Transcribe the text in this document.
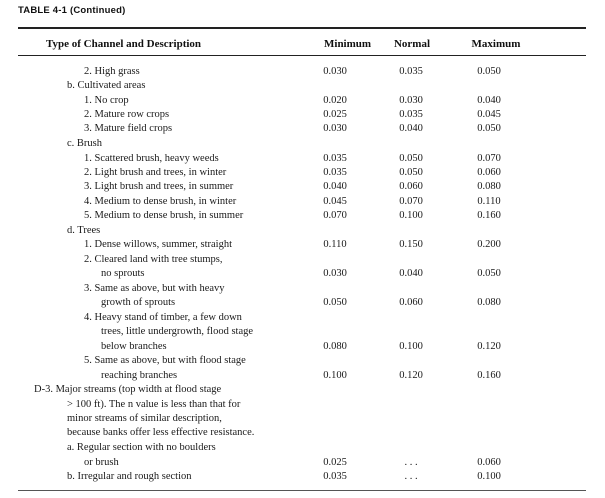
TABLE 4-1 (Continued)
Type of Channel and Description	Minimum	Normal	Maximum
2. High grass	0.030	0.035	0.050
b. Cultivated areas
1. No crop	0.020	0.030	0.040
2. Mature row crops	0.025	0.035	0.045
3. Mature field crops	0.030	0.040	0.050
c. Brush
1. Scattered brush, heavy weeds	0.035	0.050	0.070
2. Light brush and trees, in winter	0.035	0.050	0.060
3. Light brush and trees, in summer	0.040	0.060	0.080
4. Medium to dense brush, in winter	0.045	0.070	0.110
5. Medium to dense brush, in summer	0.070	0.100	0.160
d. Trees
1. Dense willows, summer, straight	0.110	0.150	0.200
2. Cleared land with tree stumps,
no sprouts	0.030	0.040	0.050
3. Same as above, but with heavy
growth of sprouts	0.050	0.060	0.080
4. Heavy stand of timber, a few down
trees, little undergrowth, flood stage
below branches	0.080	0.100	0.120
5. Same as above, but with flood stage
reaching branches	0.100	0.120	0.160
D-3. Major streams (top width at flood stage
> 100 ft). The n value is less than that for
minor streams of similar description,
because banks offer less effective resistance.
a. Regular section with no boulders
or brush	0.025	. . .	0.060
b. Irregular and rough section	0.035	. . .	0.100
